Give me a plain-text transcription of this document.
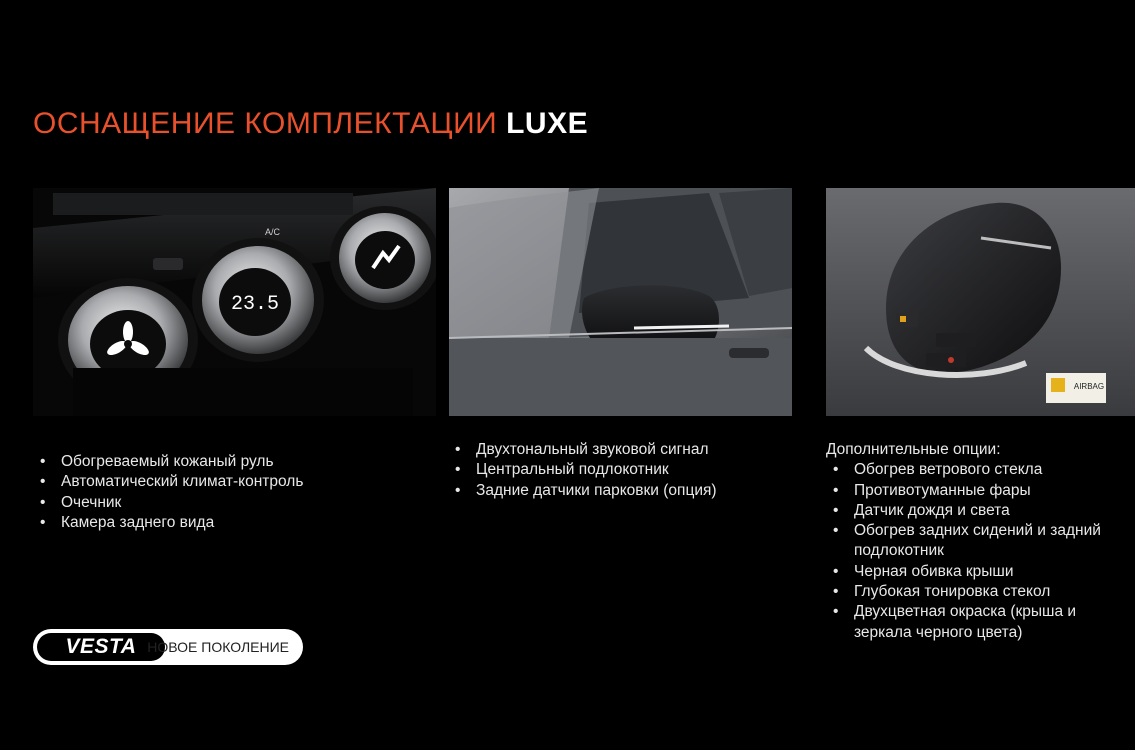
ОСНАЩЕНИЕ КОМПЛЕКТАЦИИ LUXE
23.5
A/C
AIRBAG
• Обогреваемый кожаный руль
• Автоматический климат-контроль
• Очечник
• Камера заднего вида
• Двухтональный звуковой сигнал
• Центральный подлокотник
• Задние датчики парковки (опция)
Дополнительные опции:
• Обогрев ветрового стекла
• Противотуманные фары
• Датчик дождя и света
• Обогрев задних сидений и задний подлокотник
• Черная обивка крыши
• Глубокая тонировка стекол
• Двухцветная окраска (крыша и зеркала черного цвета)
VESTA НОВОЕ ПОКОЛЕНИЕ
